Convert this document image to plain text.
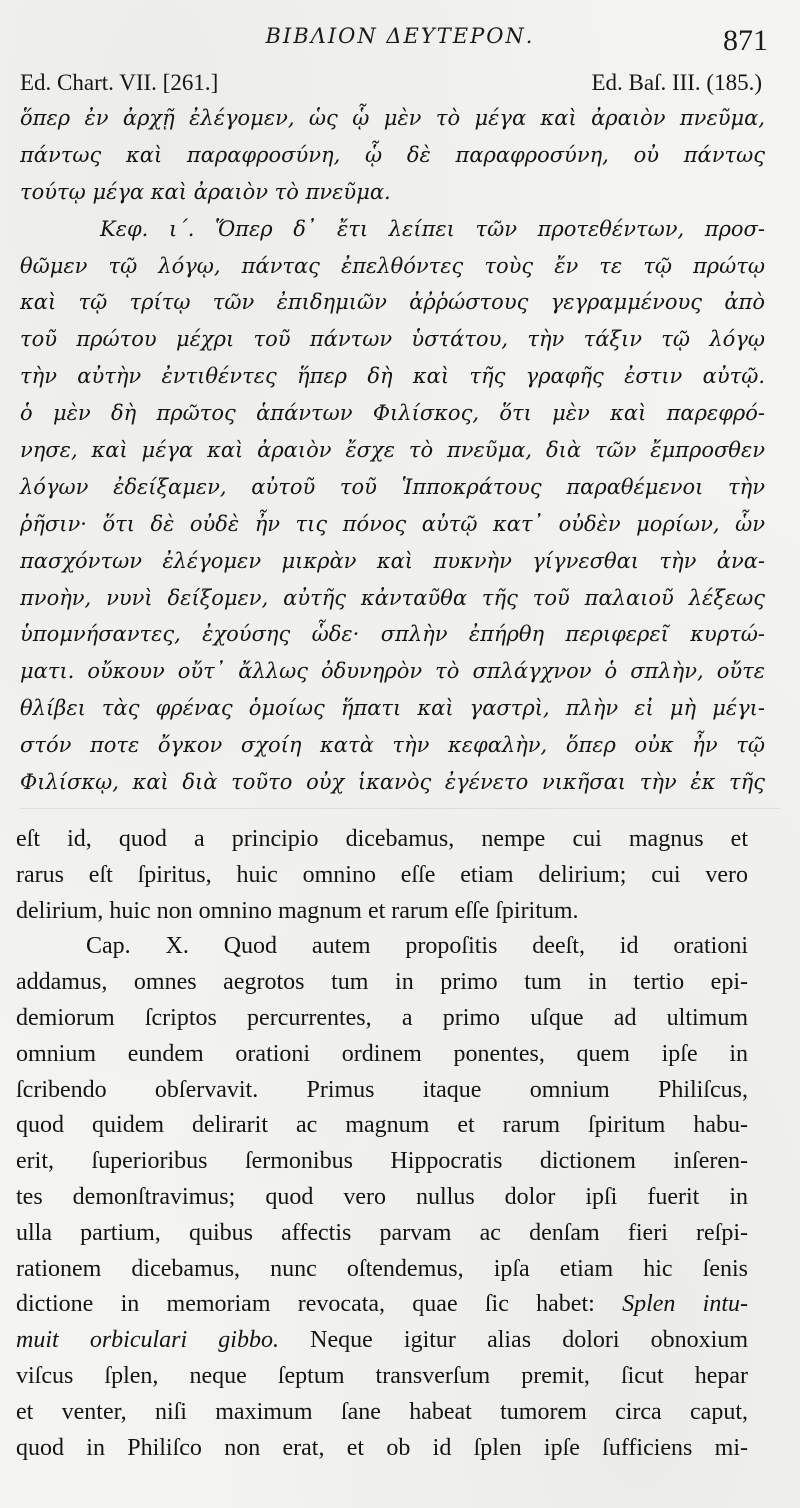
ΒΙΒΛΙΟΝ ΔΕΥΤΕΡΟΝ.	871
Ed. Chart. VII. [261.]	Ed. Baſ. III. (185.)
ὅπερ ἐν ἀρχῇ ἐλέγομεν, ὡς ᾧ μὲν τὸ μέγα καὶ ἀραιὸν πνεῦμα,
πάντως καὶ παραφροσύνη, ᾧ δὲ παραφροσύνη, οὐ πάντως
τούτῳ μέγα καὶ ἀραιὸν τὸ πνεῦμα.
Κεφ. ι΄. Ὅπερ δ᾽ ἔτι λείπει τῶν προτεθέντων, προσ-
θῶμεν τῷ λόγῳ, πάντας ἐπελθόντες τοὺς ἔν τε τῷ πρώτῳ
καὶ τῷ τρίτῳ τῶν ἐπιδημιῶν ἀῤῥώστους γεγραμμένους ἀπὸ
τοῦ πρώτου μέχρι τοῦ πάντων ὑστάτου, τὴν τάξιν τῷ λόγῳ
τὴν αὐτὴν ἐντιθέντες ἥπερ δὴ καὶ τῆς γραφῆς ἐστιν αὐτῷ.
ὁ μὲν δὴ πρῶτος ἁπάντων Φιλίσκος, ὅτι μὲν καὶ παρεφρό-
νησε, καὶ μέγα καὶ ἀραιὸν ἔσχε τὸ πνεῦμα, διὰ τῶν ἔμπροσθεν
λόγων ἐδείξαμεν, αὐτοῦ τοῦ Ἱπποκράτους παραθέμενοι τὴν
ῥῆσιν· ὅτι δὲ οὐδὲ ἦν τις πόνος αὐτῷ κατ᾽ οὐδὲν μορίων, ὧν
πασχόντων ἐλέγομεν μικρὰν καὶ πυκνὴν γίγνεσθαι τὴν ἀνα-
πνοὴν, νυνὶ δείξομεν, αὐτῆς κἀνταῦθα τῆς τοῦ παλαιοῦ λέξεως
ὑπομνήσαντες, ἐχούσης ὧδε· σπλὴν ἐπήρθη περιφερεῖ κυρτώ-
ματι. οὔκουν οὔτ᾽ ἄλλως ὀδυνηρὸν τὸ σπλάγχνον ὁ σπλὴν, οὔτε
θλίβει τὰς φρένας ὁμοίως ἥπατι καὶ γαστρὶ, πλὴν εἰ μὴ μέγι-
στόν ποτε ὄγκον σχοίη κατὰ τὴν κεφαλὴν, ὅπερ οὐκ ἦν τῷ
Φιλίσκῳ, καὶ διὰ τοῦτο οὐχ ἱκανὸς ἐγένετο νικῆσαι τὴν ἐκ τῆς
eſt id, quod a principio dicebamus, nempe cui magnus et
rarus eſt ſpiritus, huic omnino eſſe etiam delirium; cui vero
delirium, huic non omnino magnum et rarum eſſe ſpiritum.
Cap. X. Quod autem propoſitis deeſt, id orationi
addamus, omnes aegrotos tum in primo tum in tertio epi-
demiorum ſcriptos percurrentes, a primo uſque ad ultimum
omnium eundem orationi ordinem ponentes, quem ipſe in
ſcribendo obſervavit. Primus itaque omnium Philiſcus,
quod quidem delirarit ac magnum et rarum ſpiritum habu-
erit, ſuperioribus ſermonibus Hippocratis dictionem inſeren-
tes demonſtravimus; quod vero nullus dolor ipſi fuerit in
ulla partium, quibus affectis parvam ac denſam fieri reſpi-
rationem dicebamus, nunc oſtendemus, ipſa etiam hic ſenis
dictione in memoriam revocata, quae ſic habet: Splen intu-
muit orbiculari gibbo. Neque igitur alias dolori obnoxium
viſcus ſplen, neque ſeptum transverſum premit, ſicut hepar
et venter, niſi maximum ſane habeat tumorem circa caput,
quod in Philiſco non erat, et ob id ſplen ipſe ſufficiens mi-
